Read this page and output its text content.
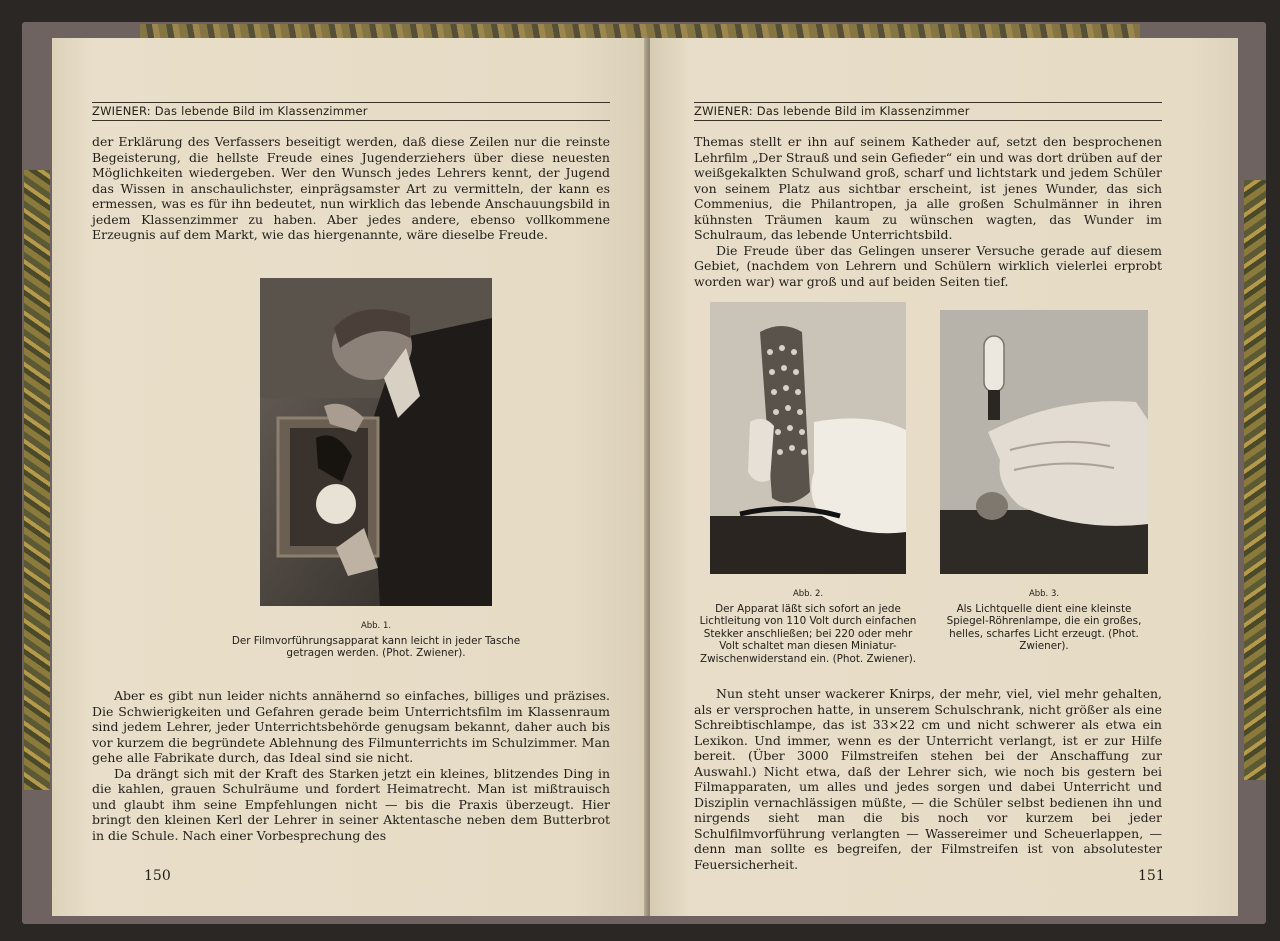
ZWIENER: Das lebende Bild im Klassenzimmer

der Erklärung des Verfassers beseitigt werden, daß diese Zeilen nur die reinste Begeisterung, die hellste Freude eines Jugenderziehers über diese neuesten Möglichkeiten wiedergeben. Wer den Wunsch jedes Lehrers kennt, der Jugend das Wissen in anschaulichster, einprägsamster Art zu vermitteln, der kann es ermessen, was es für ihn bedeutet, nun wirklich das lebende Anschauungsbild in jedem Klassenzimmer zu haben. Aber jedes andere, ebenso vollkommene Erzeugnis auf dem Markt, wie das hiergenannte, wäre dieselbe Freude.

Abb. 1.
Der Filmvorführungsapparat kann leicht in jeder Tasche getragen werden. (Phot. Zwiener).

Aber es gibt nun leider nichts annähernd so einfaches, billiges und präzises. Die Schwierigkeiten und Gefahren gerade beim Unterrichtsfilm im Klassenraum sind jedem Lehrer, jeder Unterrichtsbehörde genugsam bekannt, daher auch bis vor kurzem die begründete Ablehnung des Filmunterrichts im Schulzimmer. Man gehe alle Fabrikate durch, das Ideal sind sie nicht.

Da drängt sich mit der Kraft des Starken jetzt ein kleines, blitzendes Ding in die kahlen, grauen Schulräume und fordert Heimatrecht. Man ist mißtrauisch und glaubt ihm seine Empfehlungen nicht — bis die Praxis überzeugt. Hier bringt den kleinen Kerl der Lehrer in seiner Aktentasche neben dem Butterbrot in die Schule. Nach einer Vorbesprechung des

150
ZWIENER: Das lebende Bild im Klassenzimmer

Themas stellt er ihn auf seinem Katheder auf, setzt den besprochenen Lehrfilm „Der Strauß und sein Gefieder“ ein und was dort drüben auf der weißgekalkten Schulwand groß, scharf und lichtstark und jedem Schüler von seinem Platz aus sichtbar erscheint, ist jenes Wunder, das sich Commenius, die Philantropen, ja alle großen Schulmänner in ihren kühnsten Träumen kaum zu wünschen wagten, das Wunder im Schulraum, das lebende Unterrichtsbild.

Die Freude über das Gelingen unserer Versuche gerade auf diesem Gebiet, (nachdem von Lehrern und Schülern wirklich vielerlei erprobt worden war) war groß und auf beiden Seiten tief.

Abb. 2.
Der Apparat läßt sich sofort an jede Lichtleitung von 110 Volt durch einfachen Stekker anschließen; bei 220 oder mehr Volt schaltet man diesen Miniatur-Zwischenwiderstand ein. (Phot. Zwiener).
Abb. 3.
Als Lichtquelle dient eine kleinste Spiegel-Röhrenlampe, die ein großes, helles, scharfes Licht erzeugt. (Phot. Zwiener).

Nun steht unser wackerer Knirps, der mehr, viel, viel mehr gehalten, als er versprochen hatte, in unserem Schulschrank, nicht größer als eine Schreibtischlampe, das ist 33×22 cm und nicht schwerer als etwa ein Lexikon. Und immer, wenn es der Unterricht verlangt, ist er zur Hilfe bereit. (Über 3000 Filmstreifen stehen bei der Anschaffung zur Auswahl.) Nicht etwa, daß der Lehrer sich, wie noch bis gestern bei Filmapparaten, um alles und jedes sorgen und dabei Unterricht und Disziplin vernachlässigen müßte, — die Schüler selbst bedienen ihn und nirgends sieht man die bis noch vor kurzem bei jeder Schulfilmvorführung verlangten — Wassereimer und Scheuerlappen, — denn man sollte es begreifen, der Filmstreifen ist von absolutester Feuersicherheit.

151
